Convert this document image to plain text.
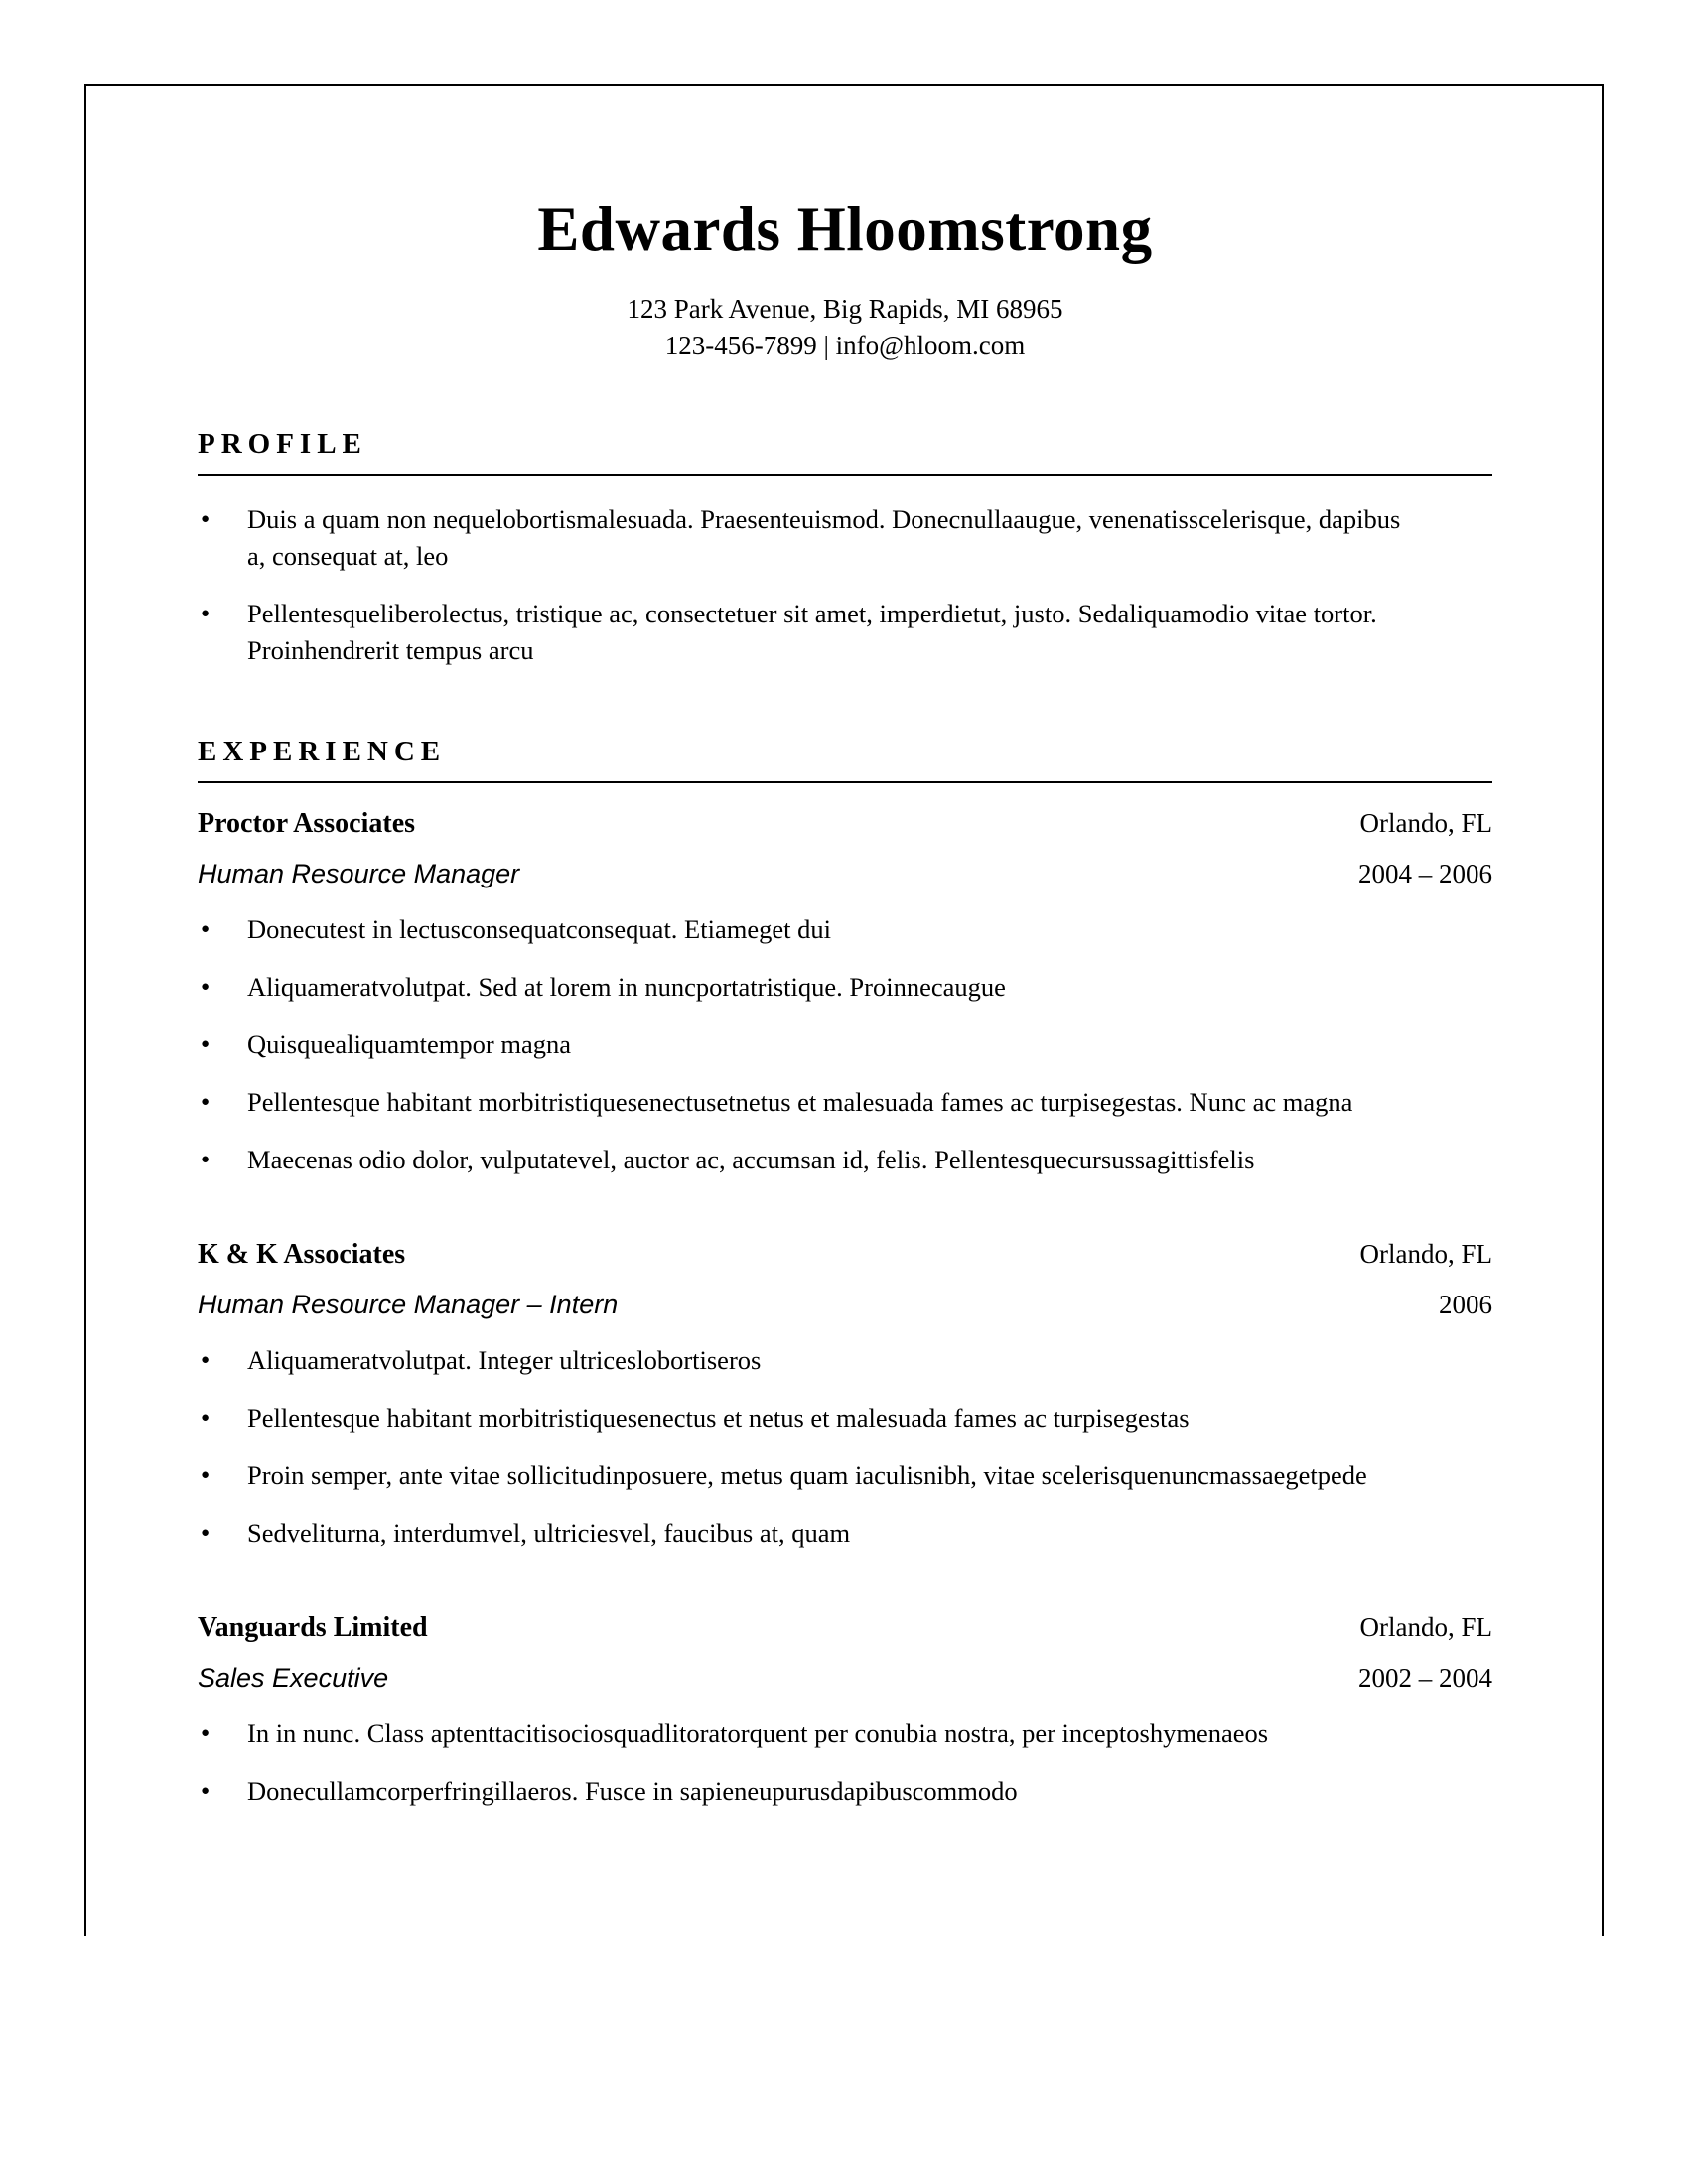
Edwards Hloomstrong
123 Park Avenue, Big Rapids, MI 68965
123-456-7899 | info@hloom.com
PROFILE
● Duis a quam non nequelobortismalesuada. Praesenteuismod. Donecnullaaugue, venenatisscelerisque, dapibus a, consequat at, leo
● Pellentesqueliberolectus, tristique ac, consectetuer sit amet, imperdietut, justo. Sedaliquamodio vitae tortor. Proinhendrerit tempus arcu
EXPERIENCE
Proctor Associates	Orlando, FL
Human Resource Manager	2004 – 2006
● Donecutest in lectusconsequatconsequat. Etiameget dui
● Aliquameratvolutpat. Sed at lorem in nuncportatristique. Proinnecaugue
● Quisquealiquamtempor magna
● Pellentesque habitant morbitristiquesenectusetnetus et malesuada fames ac turpisegestas. Nunc ac magna
● Maecenas odio dolor, vulputatevel, auctor ac, accumsan id, felis. Pellentesquecursussagittisfelis
K & K Associates	Orlando, FL
Human Resource Manager – Intern	2006
● Aliquameratvolutpat. Integer ultriceslobortiseros
● Pellentesque habitant morbitristiquesenectus et netus et malesuada fames ac turpisegestas
● Proin semper, ante vitae sollicitudinposuere, metus quam iaculisnibh, vitae scelerisquenuncmassaegetpede
● Sedveliturna, interdumvel, ultriciesvel, faucibus at, quam
Vanguards Limited	Orlando, FL
Sales Executive	2002 – 2004
● In in nunc. Class aptenttacitisociosquadlitoratorquent per conubia nostra, per inceptoshymenaeos
● Donecullamcorperfringillaeros. Fusce in sapieneupurusdapibuscommodo
